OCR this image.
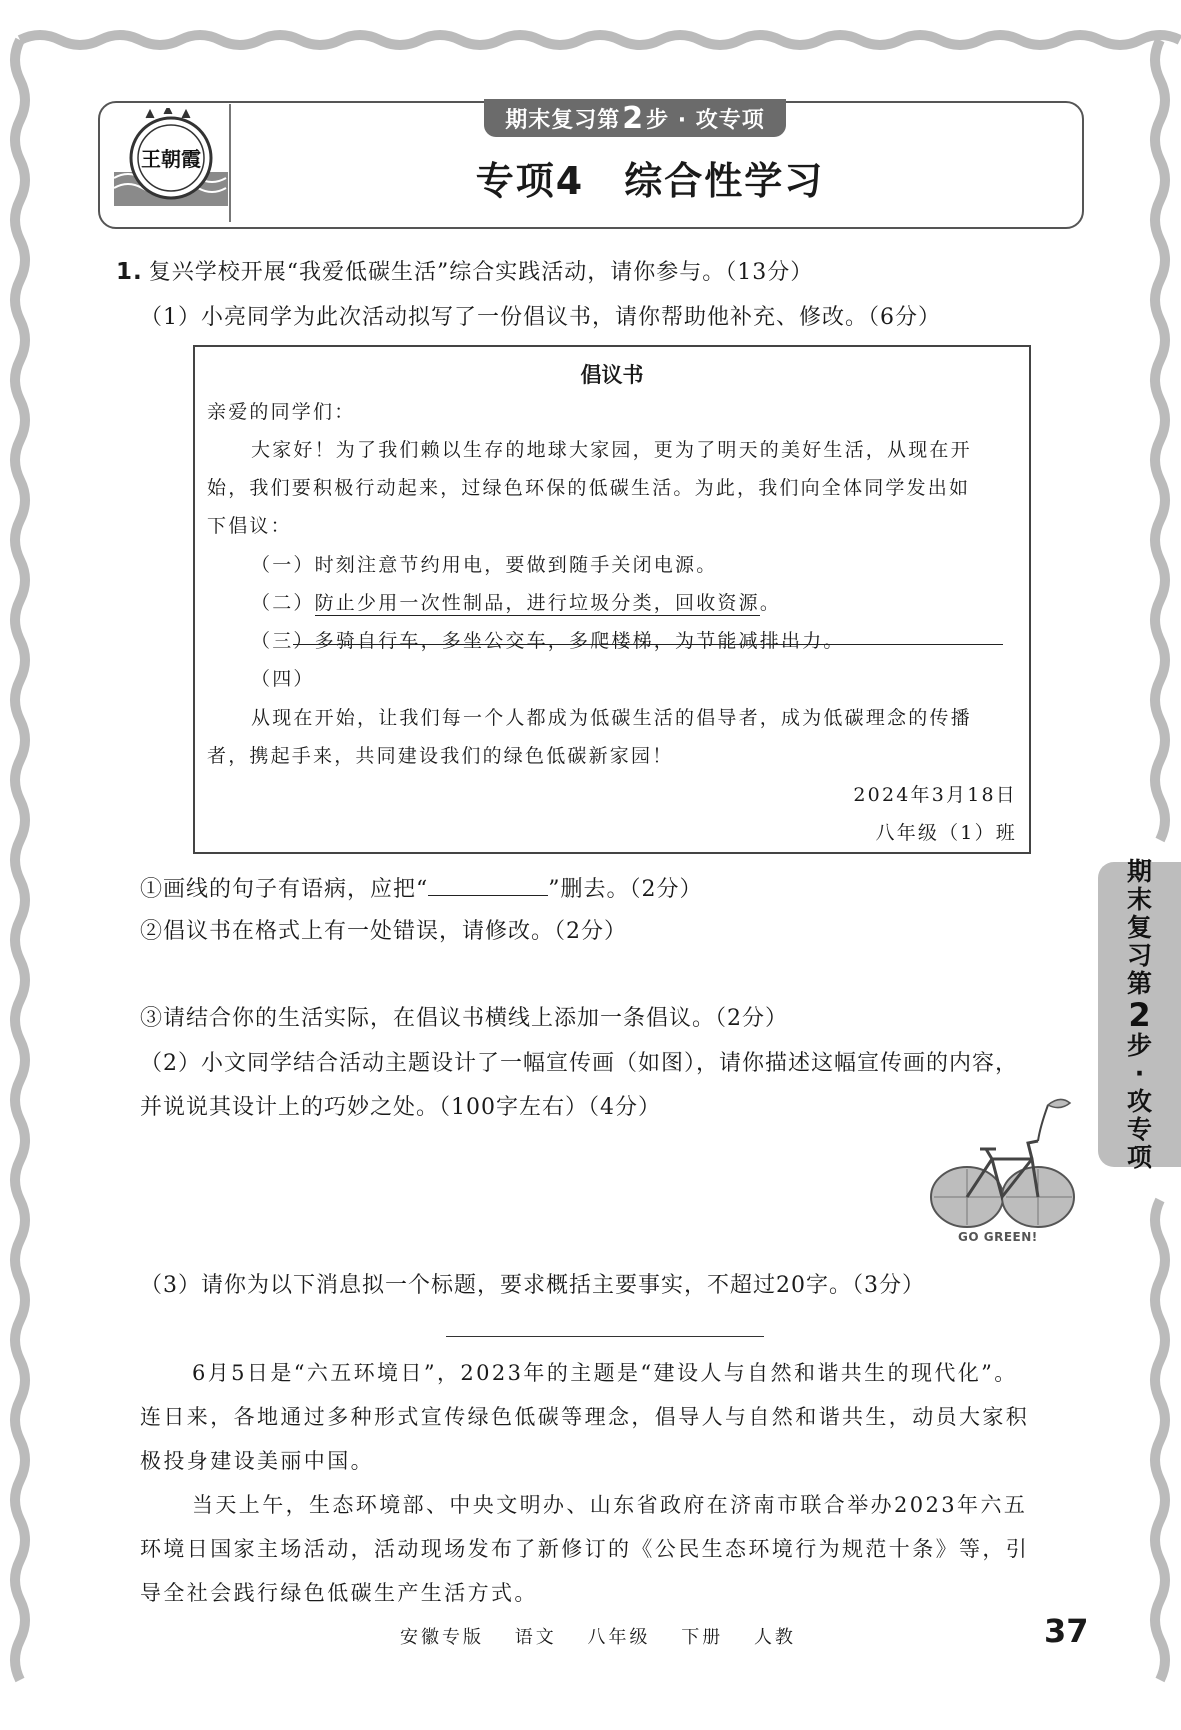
王朝霞
期末复习第 2 步 · 攻专项
专项4　综合性学习
1. 复兴学校开展“我爱低碳生活”综合实践活动，请你参与。（13分）
（1）小亮同学为此次活动拟写了一份倡议书，请你帮助他补充、修改。（6分）
倡议书
亲爱的同学们：
大家好！为了我们赖以生存的地球大家园，更为了明天的美好生活，从现在开
始，我们要积极行动起来，过绿色环保的低碳生活。为此，我们向全体同学发出如
下倡议：
（一）时刻注意节约用电，要做到随手关闭电源。
（二）防止少用一次性制品，进行垃圾分类，回收资源。
（三）多骑自行车，多坐公交车，多爬楼梯，为节能减排出力。
（四）
从现在开始，让我们每一个人都成为低碳生活的倡导者，成为低碳理念的传播
者，携起手来，共同建设我们的绿色低碳新家园！
2024年3月18日
八年级（1）班
①画线的句子有语病，应把“	”删去。（2分）
②倡议书在格式上有一处错误，请修改。（2分）
③请结合你的生活实际，在倡议书横线上添加一条倡议。（2分）
（2）小文同学结合活动主题设计了一幅宣传画（如图），请你描述这幅宣传画的内容，
并说说其设计上的巧妙之处。（100字左右）（4分）
期
末
复
习
第
2
步
·
攻
专
项
GO GREEN!
（3）请你为以下消息拟一个标题，要求概括主要事实，不超过20字。（3分）
6月5日是“六五环境日”，2023年的主题是“建设人与自然和谐共生的现代化”。
连日来，各地通过多种形式宣传绿色低碳等理念，倡导人与自然和谐共生，动员大家积
极投身建设美丽中国。
当天上午，生态环境部、中央文明办、山东省政府在济南市联合举办2023年六五
环境日国家主场活动，活动现场发布了新修订的《公民生态环境行为规范十条》等，引
导全社会践行绿色低碳生产生活方式。
安徽专版 语文 八年级 下册 人教	37
